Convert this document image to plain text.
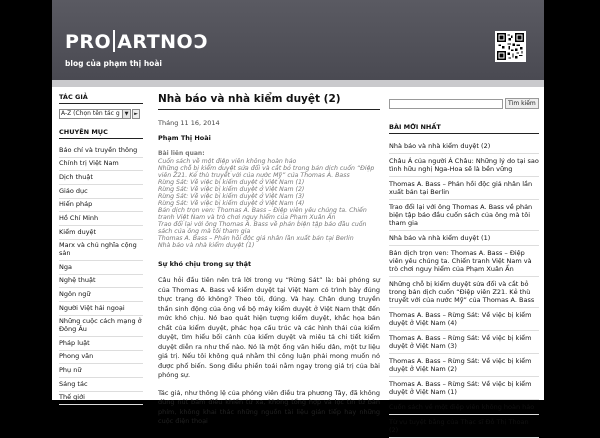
PRO ARTNOC
blog của phạm thị hoài
TÁC GIẢ
A-Z (Chọn tên tác g ▼	►
CHUYÊN MỤC
Báo chí và truyền thông
Chính trị Việt Nam
Dịch thuật
Giáo dục
Hiến pháp
Hồ Chí Minh
Kiểm duyệt
Marx và chủ nghĩa cộng sản
Nga
Nghệ thuật
Ngôn ngữ
Người Việt hải ngoại
Những cuộc cách mạng ở Đông Âu
Pháp luật
Phong văn
Phụ nữ
Sáng tác
Thế giới
Nhà báo và nhà kiểm duyệt (2)
Tháng 11 16, 2014
Phạm Thị Hoài
Bài liên quan:
Cuốn sách về một điệp viên không hoàn hảo
Những chỗ bị kiểm duyệt sửa đổi và cắt bỏ trong bản dịch cuốn “Điệp viên Z21. Kẻ thù truyết với của nước Mỹ” của Thomas A. Bass
Rừng Sát: Về việc bị kiểm duyệt ở Việt Nam (1)
Rừng Sát: Về việc bị kiểm duyệt ở Việt Nam (2)
Rừng Sát: Về việc bị kiểm duyệt ở Việt Nam (3)
Rừng Sát: Về việc bị kiểm duyệt ở Việt Nam (4)
Bản dịch trọn ven: Thomas A. Bass – Điệp viên yêu chúng ta. Chiến tranh Việt Nam và trò chơi nguy hiểm của Phạm Xuân Ẩn
Trao đổi lại với ông Thomas A. Bass về phản biện tập báo đầu cuốn sách của ông mà tôi tham gia
Thomas A. Bass – Phản hồi độc giả nhân lần xuất bản tại Berlin
Nhà báo và nhà kiểm duyệt (1)
Sự khó chịu trong sự thật

Câu hỏi đầu tiên nên trả lời trong vụ “Rừng Sát” là: bài phóng sự của Thomas A. Bass về kiểm duyệt tại Việt Nam có trình bày đúng thực trạng đó không? Theo tôi, đúng. Và hay. Chân dung truyền thần sinh động của ông về bộ máy kiểm duyệt ở Việt Nam thật đến mức khó chịu. Nó bao quát hiện tượng kiểm duyệt, khắc họa bản chất của kiểm duyệt, phác họa cấu trúc và các hình thái của kiểm duyệt, tìm hiểu bối cảnh của kiểm duyệt và miêu tả chi tiết kiểm duyệt diễn ra như thế nào. Nó là một ống văn hiểu dân, một tư liệu giá trị. Nếu tôi không quá nhằm thì công luận phải mong muốn nó được phổ biến. Song điều phiền toái nằm ngay trong giá trị của bài phóng sự.

Tác giả, như thông lệ của phóng viên điều tra phương Tây, đã không dùng nút bấm điều khiển từ xa, không tổng hợp và lọc tin từ bàn phím, không khai thác những nguồn tài liệu gián tiếp hay những cuộc điện thoại

Tìm kiếm
BÀI MỚI NHẤT
Nhà báo và nhà kiểm duyệt (2)
Châu Á của người Á Châu: Những lý do tại sao tình hữu nghị Nga-Hoa sẽ là bền vững
Thomas A. Bass – Phản hồi độc giả nhân lần xuất bản tại Berlin
Trao đổi lại với ông Thomas A. Bass về phản biện tập báo đầu cuốn sách của ông mà tôi tham gia
Nhà báo và nhà kiểm duyệt (1)
Bản dịch trọn ven: Thomas A. Bass – Điệp viên yêu chúng ta. Chiến tranh Việt Nam và trò chơi nguy hiểm của Phạm Xuân Ẩn
Những chỗ bị kiểm duyệt sửa đổi và cắt bỏ trong bản dịch cuốn “Điệp viên Z21. Kẻ thù truyết với của nước Mỹ” của Thomas A. Bass
Thomas A. Bass – Rừng Sát: Về việc bị kiểm duyệt ở Việt Nam (4)
Thomas A. Bass – Rừng Sát: Về việc bị kiểm duyệt ở Việt Nam (3)
Thomas A. Bass – Rừng Sát: Về việc bị kiểm duyệt ở Việt Nam (2)
Thomas A. Bass – Rừng Sát: Về việc bị kiểm duyệt ở Việt Nam (1)
Cuốn sách về một điệp viên không hoàn hảo
Từ vụ tuyệt bằng của Thạc sĩ Đỗ Thị Thoan (2)
